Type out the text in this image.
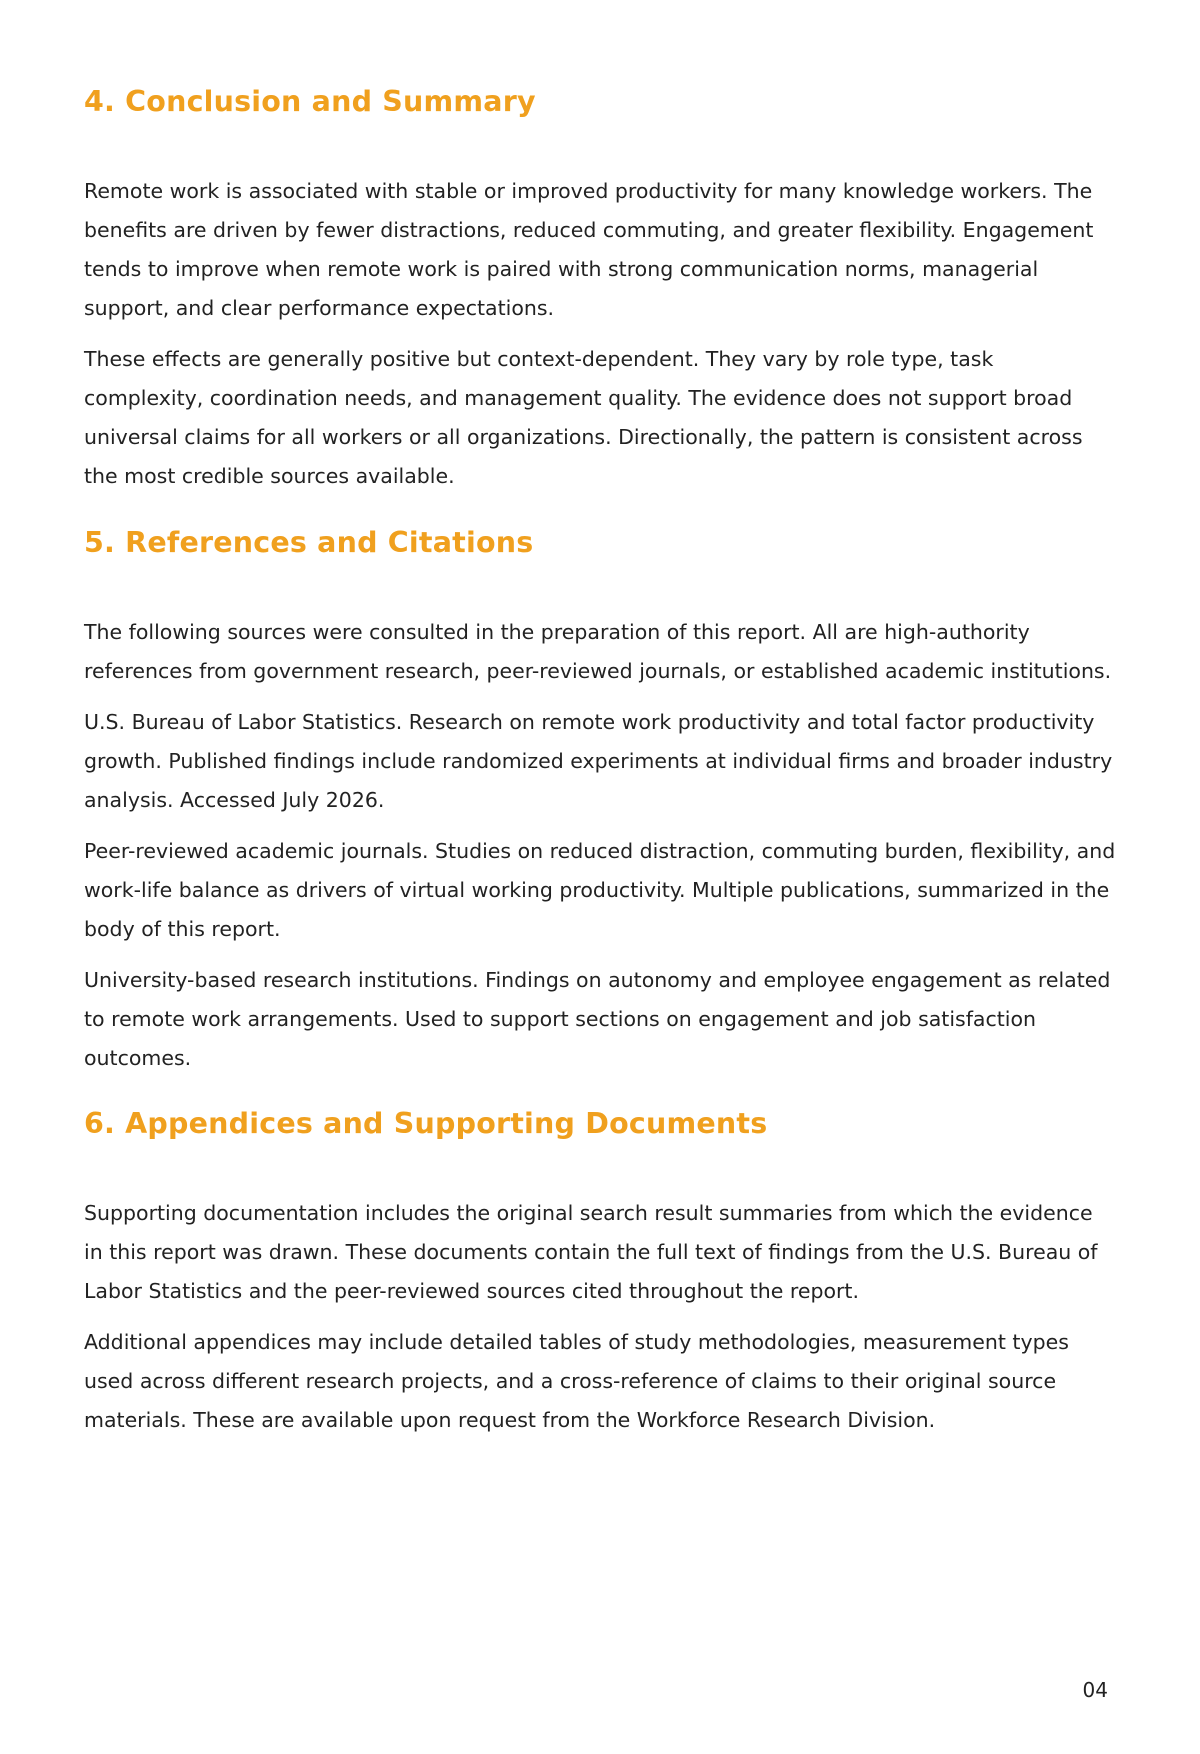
4. Conclusion and Summary

Remote work is associated with stable or improved productivity for many knowledge workers. The benefits are driven by fewer distractions, reduced commuting, and greater flexibility. Engagement tends to improve when remote work is paired with strong communication norms, managerial support, and clear performance expectations.

These effects are generally positive but context-dependent. They vary by role type, task complexity, coordination needs, and management quality. The evidence does not support broad universal claims for all workers or all organizations. Directionally, the pattern is consistent across the most credible sources available.

5. References and Citations

The following sources were consulted in the preparation of this report. All are high-authority references from government research, peer-reviewed journals, or established academic institutions.

U.S. Bureau of Labor Statistics. Research on remote work productivity and total factor productivity growth. Published findings include randomized experiments at individual firms and broader industry analysis. Accessed July 2026.

Peer-reviewed academic journals. Studies on reduced distraction, commuting burden, flexibility, and work-life balance as drivers of virtual working productivity. Multiple publications, summarized in the body of this report.

University-based research institutions. Findings on autonomy and employee engagement as related to remote work arrangements. Used to support sections on engagement and job satisfaction outcomes.

6. Appendices and Supporting Documents

Supporting documentation includes the original search result summaries from which the evidence in this report was drawn. These documents contain the full text of findings from the U.S. Bureau of Labor Statistics and the peer-reviewed sources cited throughout the report.

Additional appendices may include detailed tables of study methodologies, measurement types used across different research projects, and a cross-reference of claims to their original source materials. These are available upon request from the Workforce Research Division.

04
